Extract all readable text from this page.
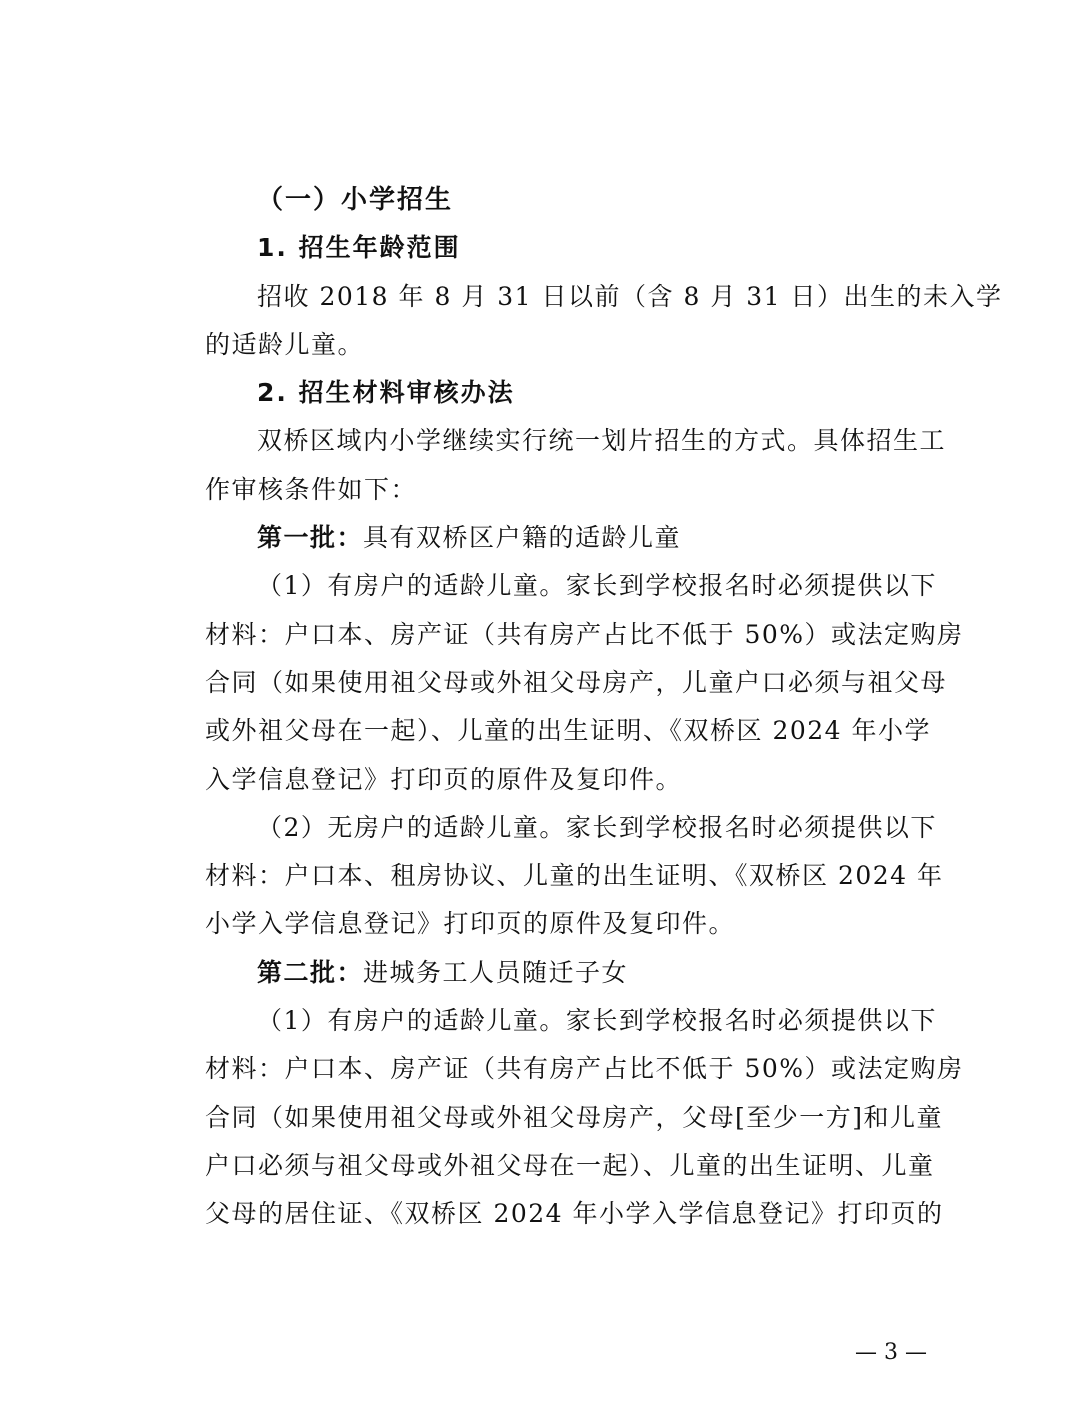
（一）小学招生
1. 招生年龄范围
招收 2018 年 8 月 31 日以前（含 8 月 31 日）出生的未入学
的适龄儿童。
2. 招生材料审核办法
双桥区域内小学继续实行统一划片招生的方式。具体招生工
作审核条件如下：
第一批：具有双桥区户籍的适龄儿童
（1）有房户的适龄儿童。家长到学校报名时必须提供以下
材料：户口本、房产证（共有房产占比不低于 50%）或法定购房
合同（如果使用祖父母或外祖父母房产，儿童户口必须与祖父母
或外祖父母在一起）、儿童的出生证明、《双桥区 2024 年小学
入学信息登记》打印页的原件及复印件。
（2）无房户的适龄儿童。家长到学校报名时必须提供以下
材料：户口本、租房协议、儿童的出生证明、《双桥区 2024 年
小学入学信息登记》打印页的原件及复印件。
第二批：进城务工人员随迁子女
（1）有房户的适龄儿童。家长到学校报名时必须提供以下
材料：户口本、房产证（共有房产占比不低于 50%）或法定购房
合同（如果使用祖父母或外祖父母房产，父母[至少一方]和儿童
户口必须与祖父母或外祖父母在一起）、儿童的出生证明、儿童
父母的居住证、《双桥区 2024 年小学入学信息登记》打印页的
— 3 —
